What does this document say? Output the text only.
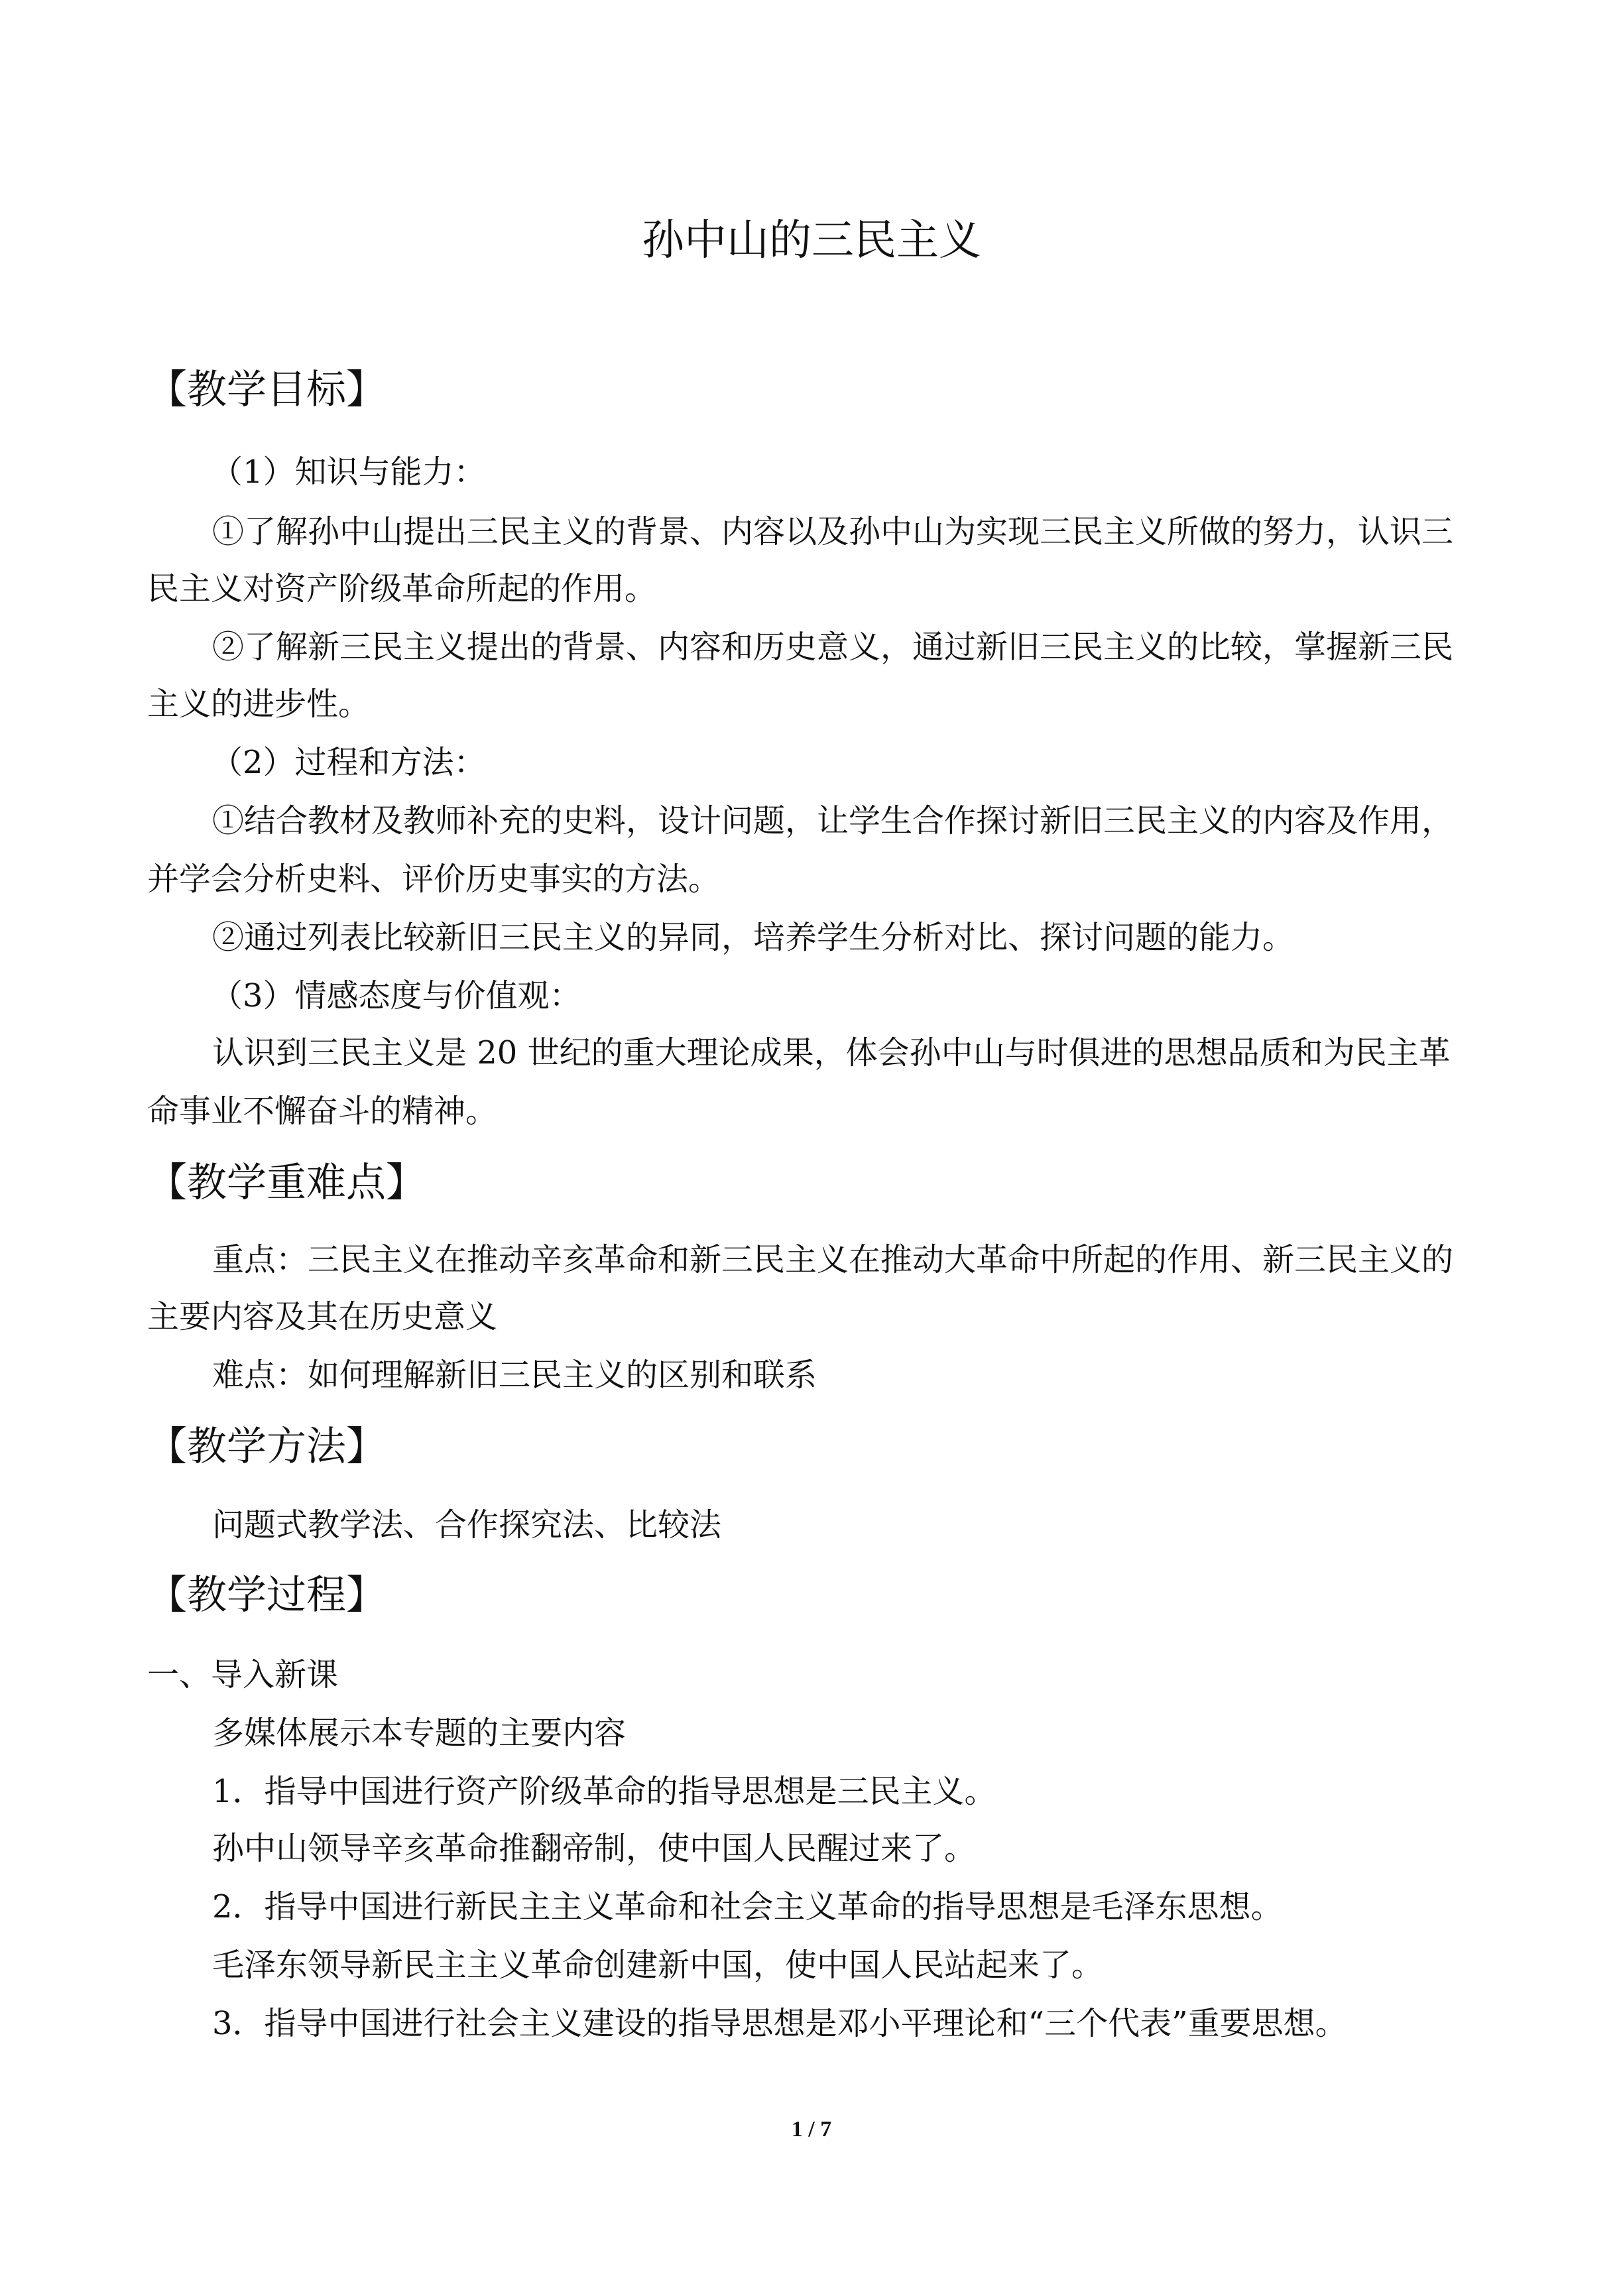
孙中山的三民主义
【教学目标】
（1）知识与能力：
①了解孙中山提出三民主义的背景、内容以及孙中山为实现三民主义所做的努力，认识三
民主义对资产阶级革命所起的作用。
②了解新三民主义提出的背景、内容和历史意义，通过新旧三民主义的比较，掌握新三民
主义的进步性。
（2）过程和方法：
①结合教材及教师补充的史料，设计问题，让学生合作探讨新旧三民主义的内容及作用，
并学会分析史料、评价历史事实的方法。
②通过列表比较新旧三民主义的异同，培养学生分析对比、探讨问题的能力。
（3）情感态度与价值观：
认识到三民主义是 20 世纪的重大理论成果，体会孙中山与时俱进的思想品质和为民主革
命事业不懈奋斗的精神。
【教学重难点】
重点：三民主义在推动辛亥革命和新三民主义在推动大革命中所起的作用、新三民主义的
主要内容及其在历史意义
难点：如何理解新旧三民主义的区别和联系
【教学方法】
问题式教学法、合作探究法、比较法
【教学过程】
一、导入新课
多媒体展示本专题的主要内容
1．指导中国进行资产阶级革命的指导思想是三民主义。
孙中山领导辛亥革命推翻帝制，使中国人民醒过来了。
2．指导中国进行新民主主义革命和社会主义革命的指导思想是毛泽东思想。
毛泽东领导新民主主义革命创建新中国，使中国人民站起来了。
3．指导中国进行社会主义建设的指导思想是邓小平理论和“三个代表”重要思想。
1 / 7
